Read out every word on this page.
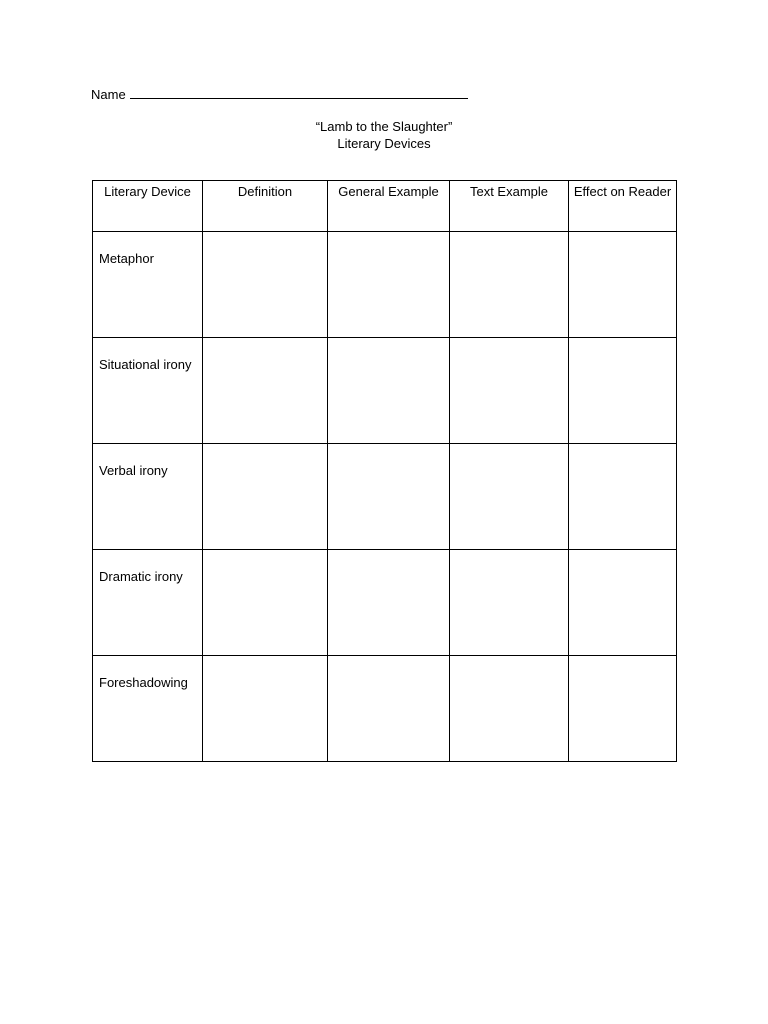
Name
“Lamb to the Slaughter”
Literary Devices
Literary Device	Definition	General Example	Text Example	Effect on Reader
Metaphor				
Situational irony				
Verbal irony				
Dramatic irony				
Foreshadowing				
